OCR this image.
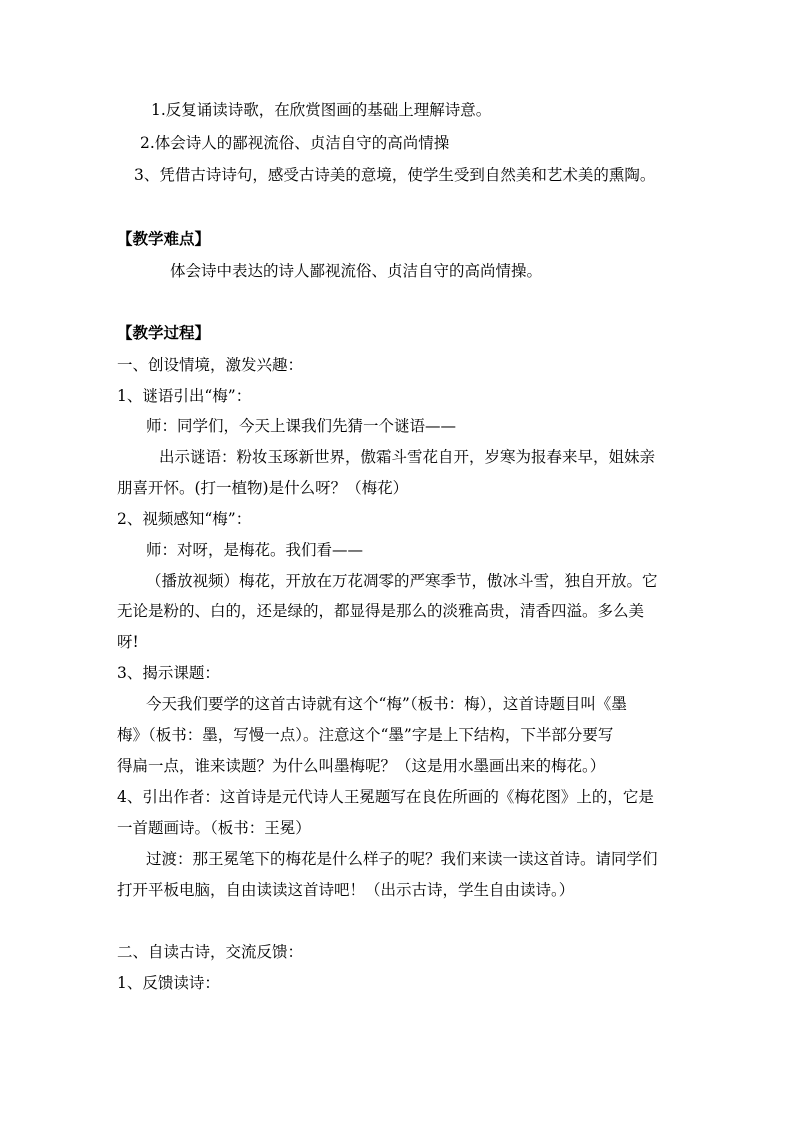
1.反复诵读诗歌，在欣赏图画的基础上理解诗意。
2.体会诗人的鄙视流俗、贞洁自守的高尚情操
3、凭借古诗诗句，感受古诗美的意境，使学生受到自然美和艺术美的熏陶。
【教学难点】
体会诗中表达的诗人鄙视流俗、贞洁自守的高尚情操。
【教学过程】
一、创设情境，激发兴趣：
1、谜语引出“梅”：
师：同学们，今天上课我们先猜一个谜语——
出示谜语：粉妆玉琢新世界，傲霜斗雪花自开，岁寒为报春来早，姐妹亲
朋喜开怀。(打一植物)是什么呀？（梅花）
2、视频感知“梅”：
师：对呀，是梅花。我们看——
（播放视频）梅花，开放在万花凋零的严寒季节，傲冰斗雪，独自开放。它
无论是粉的、白的，还是绿的，都显得是那么的淡雅高贵，清香四溢。多么美
呀!
3、揭示课题：
今天我们要学的这首古诗就有这个“梅”（板书：梅），这首诗题目叫《墨
梅》（板书：墨，写慢一点）。注意这个“墨”字是上下结构，下半部分要写
得扁一点，谁来读题？为什么叫墨梅呢？（这是用水墨画出来的梅花。）
4、引出作者：这首诗是元代诗人王冕题写在良佐所画的《梅花图》上的，它是
一首题画诗。（板书：王冕）
过渡：那王冕笔下的梅花是什么样子的呢？我们来读一读这首诗。请同学们
打开平板电脑，自由读读这首诗吧！（出示古诗，学生自由读诗。）
二、自读古诗，交流反馈：
1、反馈读诗：
